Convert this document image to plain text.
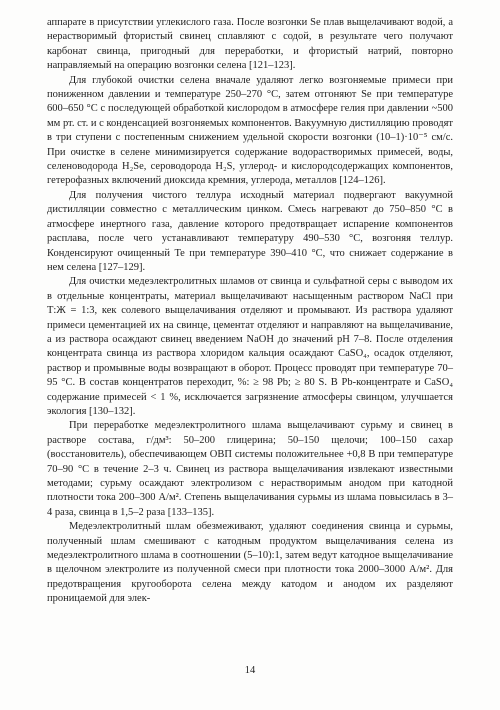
аппарате в присутствии углекислого газа. После возгонки Se плав выщелачивают водой, а нерастворимый фтористый свинец сплавляют с содой, в результате чего получают карбонат свинца, пригодный для переработки, и фтористый натрий, повторно направляемый на операцию возгонки селена [121–123].

Для глубокой очистки селена вначале удаляют легко возгоняемые примеси при пониженном давлении и температуре 250–270 °С, затем отгоняют Se при температуре 600–650 °С с последующей обработкой кислородом в атмосфере гелия при давлении ~500 мм рт. ст. и с конденсацией возгоняемых компонентов. Вакуумную дистилляцию проводят в три ступени с постепенным снижением удельной скорости возгонки (10–1)·10⁻⁵ см/с. При очистке в селене минимизируется содержание водорастворимых примесей, воды, селеноводорода H₂Se, сероводорода H₂S, углерод- и кислородсодержащих компонентов, гетерофазных включений диоксида кремния, углерода, металлов [124–126].

Для получения чистого теллура исходный материал подвергают вакуумной дистилляции совместно с металлическим цинком. Смесь нагревают до 750–850 °С в атмосфере инертного газа, давление которого предотвращает испарение компонентов расплава, после чего устанавливают температуру 490–530 °С, возгоняя теллур. Конденсируют очищенный Te при температуре 390–410 °С, что снижает содержание в нем селена [127–129].

Для очистки медеэлектролитных шламов от свинца и сульфатной серы с выводом их в отдельные концентраты, материал выщелачивают насыщенным раствором NaCl при Т:Ж = 1:3, кек солевого выщелачивания отделяют и промывают. Из раствора удаляют примеси цементацией их на свинце, цементат отделяют и направляют на выщелачивание, а из раствора осаждают свинец введением NaOH до значений pH 7–8. После отделения концентрата свинца из раствора хлоридом кальция осаждают CaSO₄, осадок отделяют, раствор и промывные воды возвращают в оборот. Процесс проводят при температуре 70–95 °С. В состав концентратов переходит, %: ≥ 98 Pb; ≥ 80 S. В Pb-концентрате и CaSO₄ содержание примесей < 1 %, исключается загрязнение атмосферы свинцом, улучшается экология [130–132].

При переработке медеэлектролитного шлама выщелачивают сурьму и свинец в растворе состава, г/дм³: 50–200 глицерина; 50–150 щелочи; 100–150 сахар (восстановитель), обеспечивающем ОВП системы положительнее +0,8 В при температуре 70–90 °С в течение 2–3 ч. Свинец из раствора выщелачивания извлекают известными методами; сурьму осаждают электролизом с нерастворимым анодом при катодной плотности тока 200–300 А/м². Степень выщелачивания сурьмы из шлама повысилась в 3–4 раза, свинца в 1,5–2 раза [133–135].

Медеэлектролитный шлам обезмеживают, удаляют соединения свинца и сурьмы, полученный шлам смешивают с катодным продуктом выщелачивания селена из медеэлектролитного шлама в соотношении (5–10):1, затем ведут катодное выщелачивание в щелочном электролите из полученной смеси при плотности тока 2000–3000 А/м². Для предотвращения кругооборота селена между катодом и анодом их разделяют проницаемой для элек-

14
